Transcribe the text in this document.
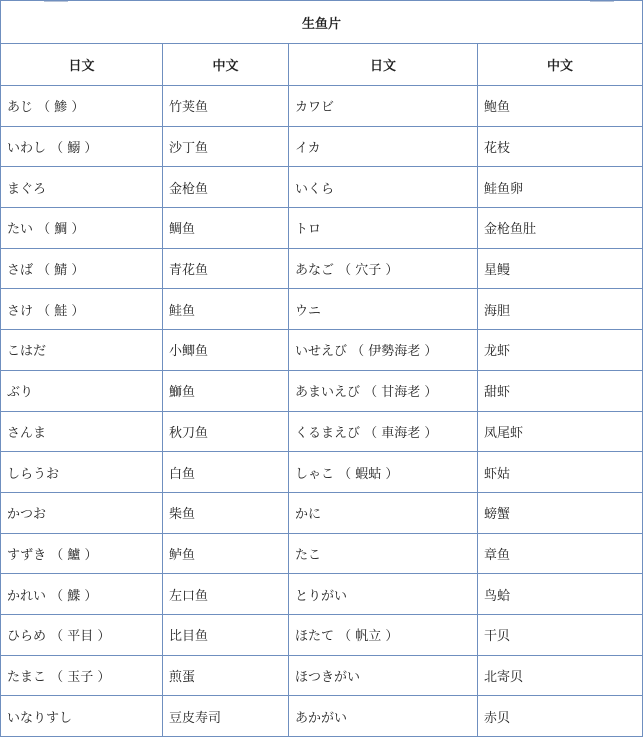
生鱼片			
日文	中文	日文	中文
あじ （ 鯵 ）	竹荚鱼	カワビ	鲍鱼
いわし （ 鰯 ）	沙丁鱼	イカ	花枝
まぐろ	金枪鱼	いくら	鲑鱼卵
たい （ 鯛 ）	鲷鱼	トロ	金枪鱼肚
さば （ 鯖 ）	青花鱼	あなご （ 穴子 ）	星鳗
さけ （ 鮭 ）	鲑鱼	ウニ	海胆
こはだ	小鲫鱼	いせえび （ 伊勢海老 ）	龙虾
ぶり	鰤鱼	あまいえび （ 甘海老 ）	甜虾
さんま	秋刀鱼	くるまえび （ 車海老 ）	凤尾虾
しらうお	白鱼	しゃこ （ 蝦蛄 ）	虾姑
かつお	柴鱼	かに	螃蟹
すずき （ 鱸 ）	鲈鱼	たこ	章鱼
かれい （ 鰈 ）	左口鱼	とりがい	鸟蛤
ひらめ （ 平目 ）	比目鱼	ほたて （ 帆立 ）	干贝
たまこ （ 玉子 ）	煎蛋	ほつきがい	北寄贝
いなりすし	豆皮寿司	あかがい	赤贝
